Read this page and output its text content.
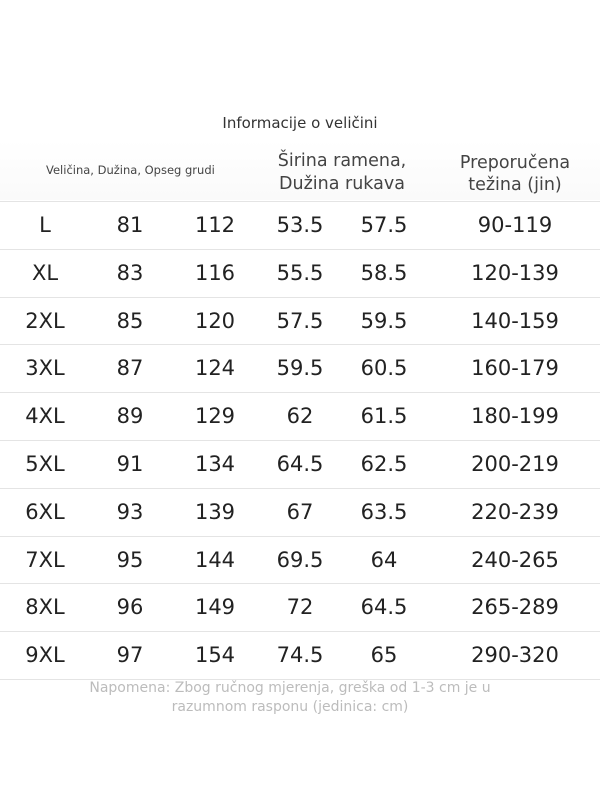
Informacije o veličini
Veličina, Dužina, Opseg grudi	Širina ramena,
Dužina rukava
Preporučena
težina (jin)
L	81	112	53.5	57.5	90-119
XL	83	116	55.5	58.5	120-139
2XL	85	120	57.5	59.5	140-159
3XL	87	124	59.5	60.5	160-179
4XL	89	129	62	61.5	180-199
5XL	91	134	64.5	62.5	200-219
6XL	93	139	67	63.5	220-239
7XL	95	144	69.5	64	240-265
8XL	96	149	72	64.5	265-289
9XL	97	154	74.5	65	290-320
Napomena: Zbog ručnog mjerenja, greška od 1-3 cm je u
razumnom rasponu (jedinica: cm)
